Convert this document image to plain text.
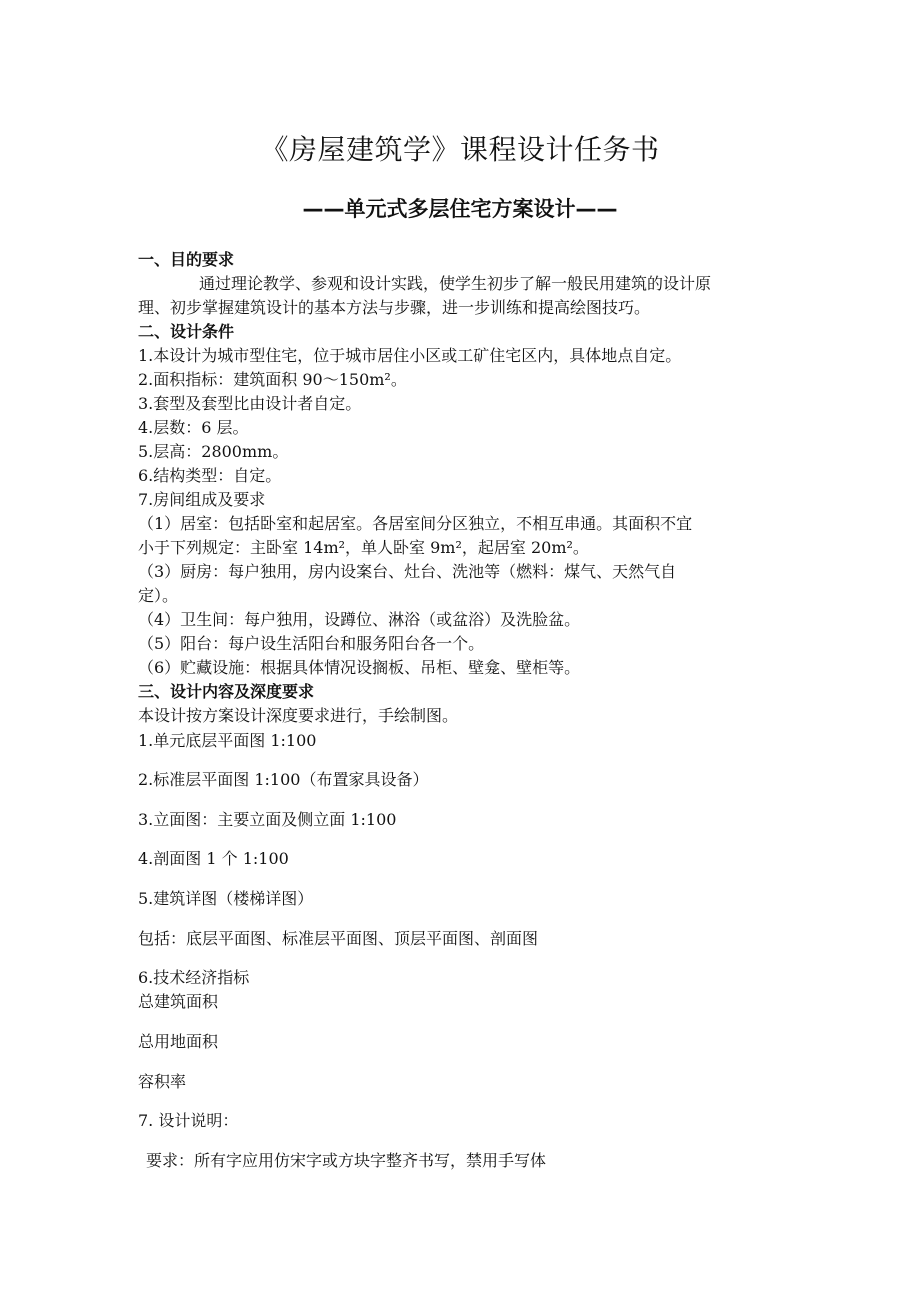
《房屋建筑学》课程设计任务书
——单元式多层住宅方案设计——
一、目的要求
通过理论教学、参观和设计实践，使学生初步了解一般民用建筑的设计原
理、初步掌握建筑设计的基本方法与步骤，进一步训练和提高绘图技巧。
二、设计条件
1.本设计为城市型住宅，位于城市居住小区或工矿住宅区内，具体地点自定。
2.面积指标：建筑面积 90～150m²。
3.套型及套型比由设计者自定。
4.层数：6 层。
5.层高：2800mm。
6.结构类型：自定。
7.房间组成及要求
（1）居室：包括卧室和起居室。各居室间分区独立，不相互串通。其面积不宜
小于下列规定：主卧室 14m²，单人卧室 9m²，起居室 20m²。
（3）厨房：每户独用，房内设案台、灶台、洗池等（燃料：煤气、天然气自
定）。
（4）卫生间：每户独用，设蹲位、淋浴（或盆浴）及洗脸盆。
（5）阳台：每户设生活阳台和服务阳台各一个。
（6）贮藏设施：根据具体情况设搁板、吊柜、壁龛、壁柜等。
三、设计内容及深度要求
本设计按方案设计深度要求进行，手绘制图。
1.单元底层平面图 1:100
2.标准层平面图 1:100（布置家具设备）
3.立面图：主要立面及侧立面 1:100
4.剖面图 1 个 1:100
5.建筑详图（楼梯详图）
包括：底层平面图、标准层平面图、顶层平面图、剖面图
6.技术经济指标
总建筑面积
总用地面积
容积率
7. 设计说明：
要求：所有字应用仿宋字或方块字整齐书写，禁用手写体
